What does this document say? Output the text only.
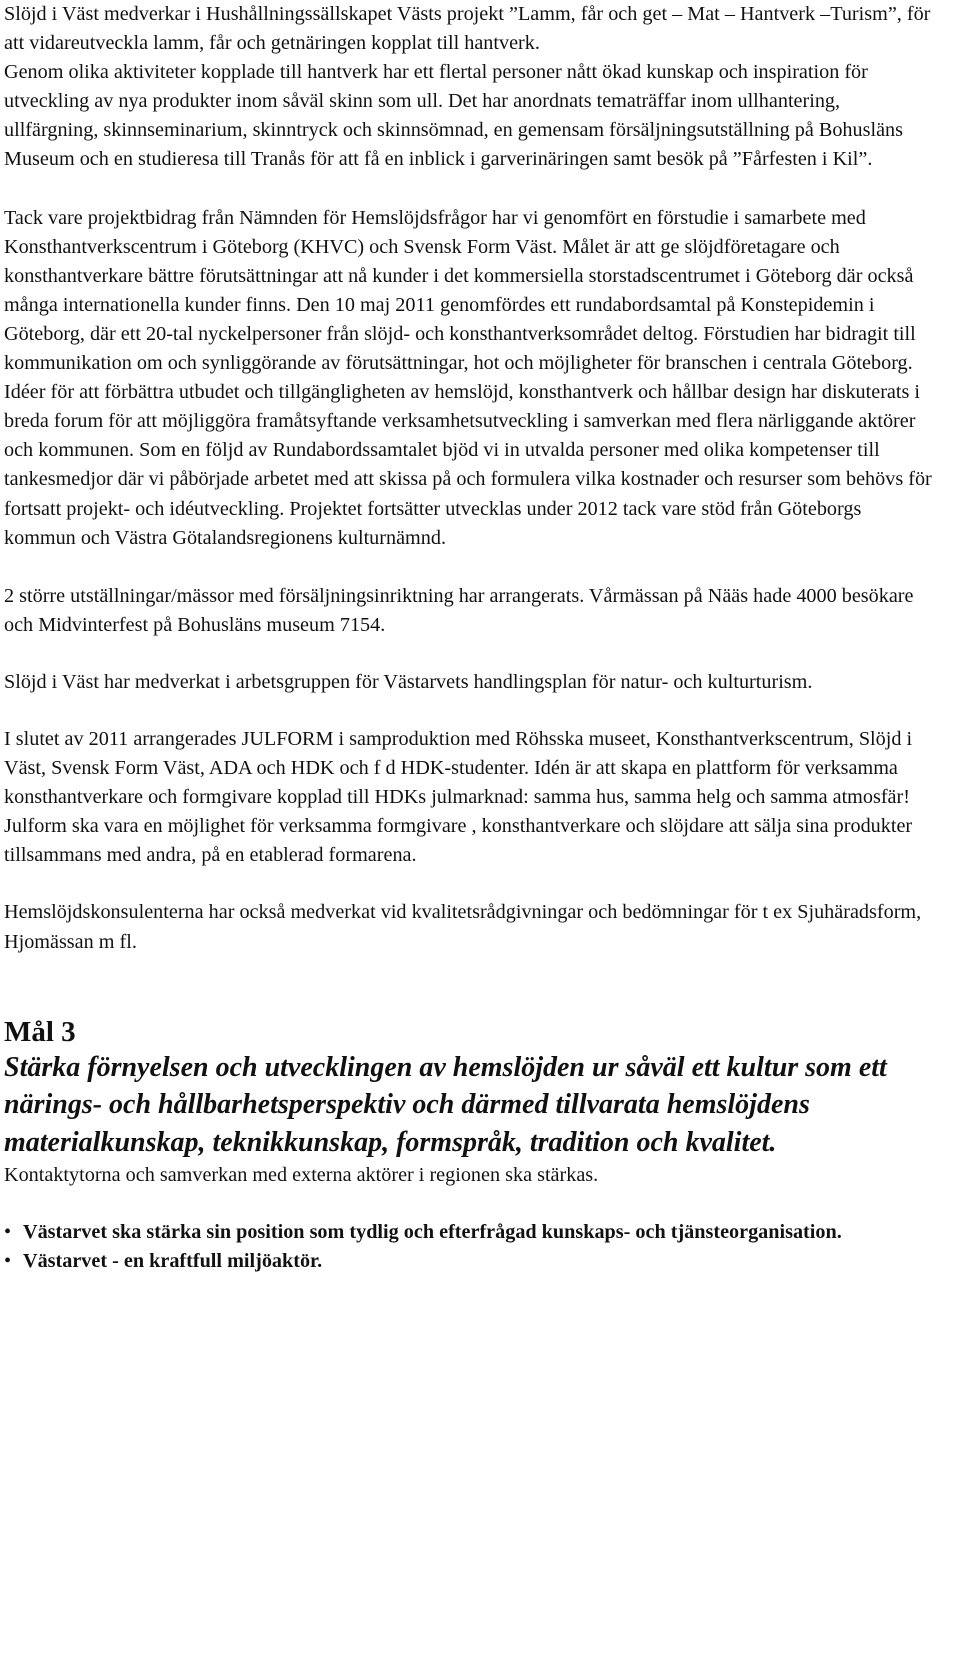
Slöjd i Väst medverkar i Hushållningssällskapet Västs projekt ”Lamm, får och get – Mat – Hantverk –Turism”, för att vidareutveckla lamm, får och getnäringen kopplat till hantverk.

Genom olika aktiviteter kopplade till hantverk har ett flertal personer nått ökad kunskap och inspiration för utveckling av nya produkter inom såväl skinn som ull. Det har anordnats tematräffar inom ullhantering, ullfärgning, skinnseminarium, skinntryck och skinnsömnad, en gemensam försäljningsutställning på Bohusläns Museum och en studieresa till Tranås för att få en inblick i garverinäringen samt besök på ”Fårfesten i Kil”.

Tack vare projektbidrag från Nämnden för Hemslöjdsfrågor har vi genomfört en förstudie i samarbete med Konsthantverkscentrum i Göteborg (KHVC) och Svensk Form Väst. Målet är att ge slöjdföretagare och konsthantverkare bättre förutsättningar att nå kunder i det kommersiella storstadscentrumet i Göteborg där också många internationella kunder finns. Den 10 maj 2011 genomfördes ett rundabordsamtal på Konstepidemin i Göteborg, där ett 20-tal nyckelpersoner från slöjd- och konsthantverksområdet deltog. Förstudien har bidragit till kommunikation om och synliggörande av förutsättningar, hot och möjligheter för branschen i centrala Göteborg. Idéer för att förbättra utbudet och tillgängligheten av hemslöjd, konsthantverk och hållbar design har diskuterats i breda forum för att möjliggöra framåtsyftande verksamhetsutveckling i samverkan med flera närliggande aktörer och kommunen. Som en följd av Rundabordssamtalet bjöd vi in utvalda personer med olika kompetenser till tankesmedjor där vi påbörjade arbetet med att skissa på och formulera vilka kostnader och resurser som behövs för fortsatt projekt- och idéutveckling. Projektet fortsätter utvecklas under 2012 tack vare stöd från Göteborgs kommun och Västra Götalandsregionens kulturnämnd.

2 större utställningar/mässor med försäljningsinriktning har arrangerats. Vårmässan på Nääs hade 4000 besökare och Midvinterfest på Bohusläns museum 7154.

Slöjd i Väst har medverkat i arbetsgruppen för Västarvets handlingsplan för natur- och kulturturism.

I slutet av 2011 arrangerades JULFORM i samproduktion med Röhsska museet, Konsthantverkscentrum, Slöjd i Väst, Svensk Form Väst, ADA och HDK och f d HDK-studenter. Idén är att skapa en plattform för verksamma konsthantverkare och formgivare kopplad till HDKs julmarknad: samma hus, samma helg och samma atmosfär! Julform ska vara en möjlighet för verksamma formgivare , konsthantverkare och slöjdare att sälja sina produkter tillsammans med andra, på en etablerad formarena.

Hemslöjdskonsulenterna har också medverkat vid kvalitetsrådgivningar och bedömningar för t ex Sjuhäradsform, Hjomässan m fl.

Mål 3
Stärka förnyelsen och utvecklingen av hemslöjden ur såväl ett kultur som ett närings- och hållbarhetsperspektiv och därmed tillvarata hemslöjdens materialkunskap, teknikkunskap, formspråk, tradition och kvalitet.

Kontaktytorna och samverkan med externa aktörer i regionen ska stärkas.

• Västarvet ska stärka sin position som tydlig och efterfrågad kunskaps- och tjänsteorganisation.
• Västarvet - en kraftfull miljöaktör.
